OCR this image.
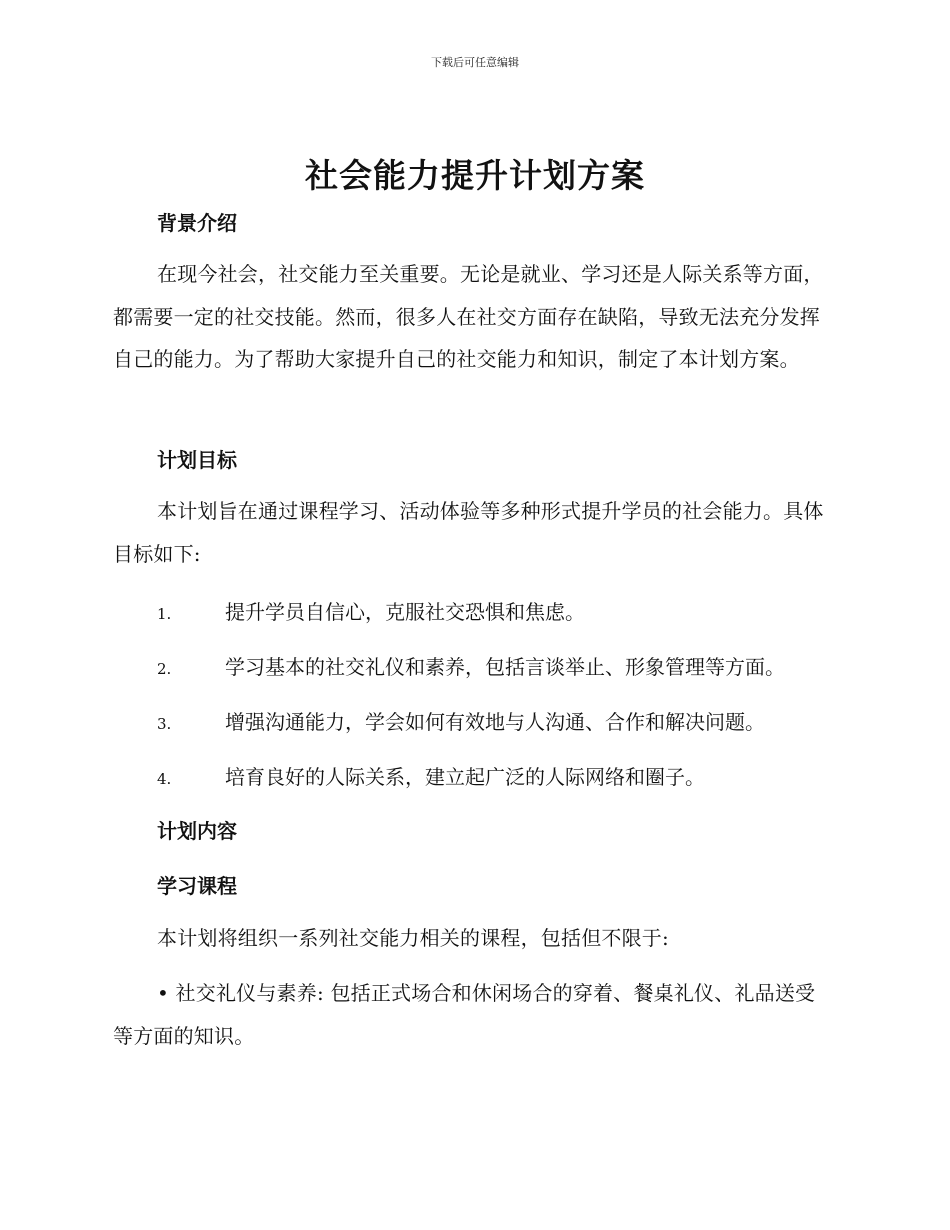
下载后可任意编辑
社会能力提升计划方案
背景介绍
在现今社会，社交能力至关重要。无论是就业、学习还是人际关系等方面，都需要一定的社交技能。然而，很多人在社交方面存在缺陷，导致无法充分发挥自己的能力。为了帮助大家提升自己的社交能力和知识，制定了本计划方案。
计划目标
本计划旨在通过课程学习、活动体验等多种形式提升学员的社会能力。具体目标如下:
1.	提升学员自信心，克服社交恐惧和焦虑。
2.	学习基本的社交礼仪和素养，包括言谈举止、形象管理等方面。
3.	增强沟通能力，学会如何有效地与人沟通、合作和解决问题。
4.	培育良好的人际关系，建立起广泛的人际网络和圈子。
计划内容
学习课程
本计划将组织一系列社交能力相关的课程，包括但不限于:
• 社交礼仪与素养: 包括正式场合和休闲场合的穿着、餐桌礼仪、礼品送受等方面的知识。
